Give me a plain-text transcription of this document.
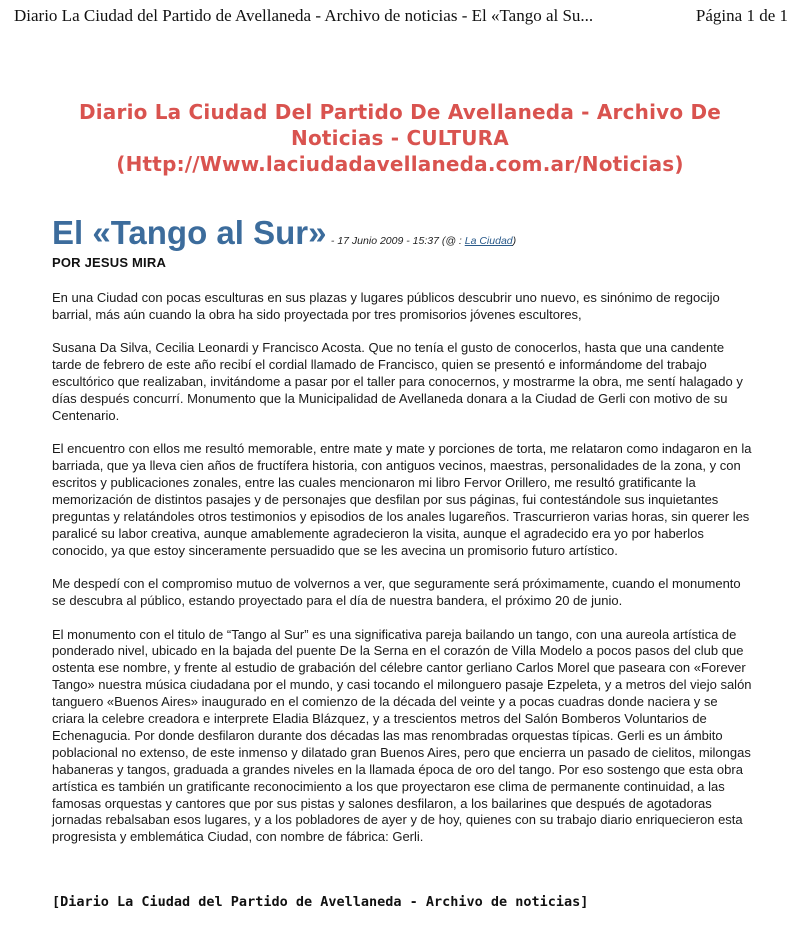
Diario La Ciudad del Partido de Avellaneda - Archivo de noticias - El «Tango al Su...	Página 1 de 1
Diario La Ciudad Del Partido De Avellaneda - Archivo De
Noticias - CULTURA
(Http://Www.laciudadavellaneda.com.ar/Noticias)
El «Tango al Sur» - 17 Junio 2009 - 15:37 (@ : La Ciudad)
POR JESUS MIRA

En una Ciudad con pocas esculturas en sus plazas y lugares públicos descubrir uno nuevo, es sinónimo de regocijo barrial, más aún cuando la obra ha sido proyectada por tres promisorios jóvenes escultores,

Susana Da Silva, Cecilia Leonardi y Francisco Acosta. Que no tenía el gusto de conocerlos, hasta que una candente tarde de febrero de este año recibí el cordial llamado de Francisco, quien se presentó e informándome del trabajo escultórico que realizaban, invitándome a pasar por el taller para conocernos, y mostrarme la obra, me sentí halagado y días después concurrí. Monumento que la Municipalidad de Avellaneda donara a la Ciudad de Gerli con motivo de su Centenario.

El encuentro con ellos me resultó memorable, entre mate y mate y porciones de torta, me relataron como indagaron en la barriada, que ya lleva cien años de fructífera historia, con antiguos vecinos, maestras, personalidades de la zona, y con escritos y publicaciones zonales, entre las cuales mencionaron mi libro Fervor Orillero, me resultó gratificante la memorización de distintos pasajes y de personajes que desfilan por sus páginas, fui contestándole sus inquietantes preguntas y relatándoles otros testimonios y episodios de los anales lugareños. Trascurrieron varias horas, sin querer les paralicé su labor creativa, aunque amablemente agradecieron la visita, aunque el agradecido era yo por haberlos conocido, ya que estoy sinceramente persuadido que se les avecina un promisorio futuro artístico.

Me despedí con el compromiso mutuo de volvernos a ver, que seguramente será próximamente, cuando el monumento se descubra al público, estando proyectado para el día de nuestra bandera, el próximo 20 de junio.

El monumento con el titulo de “Tango al Sur” es una significativa pareja bailando un tango, con una aureola artística de ponderado nivel, ubicado en la bajada del puente De la Serna en el corazón de Villa Modelo a pocos pasos del club que ostenta ese nombre, y frente al estudio de grabación del célebre cantor gerliano Carlos Morel que paseara con «Forever Tango» nuestra música ciudadana por el mundo, y casi tocando el milonguero pasaje Ezpeleta, y a metros del viejo salón tanguero «Buenos Aires» inaugurado en el comienzo de la década del veinte y a pocas cuadras donde naciera y se criara la celebre creadora e interprete Eladia Blázquez, y a trescientos metros del Salón Bomberos Voluntarios de Echenagucia. Por donde desfilaron durante dos décadas las mas renombradas orquestas típicas. Gerli es un ámbito poblacional no extenso, de este inmenso y dilatado gran Buenos Aires, pero que encierra un pasado de cielitos, milongas habaneras y tangos, graduada a grandes niveles en la llamada época de oro del tango. Por eso sostengo que esta obra artística es también un gratificante reconocimiento a los que proyectaron ese clima de permanente continuidad, a las famosas orquestas y cantores que por sus pistas y salones desfilaron, a los bailarines que después de agotadoras jornadas rebalsaban esos lugares, y a los pobladores de ayer y de hoy, quienes con su trabajo diario enriquecieron esta progresista y emblemática Ciudad, con nombre de fábrica: Gerli.

[Diario La Ciudad del Partido de Avellaneda - Archivo de noticias]
